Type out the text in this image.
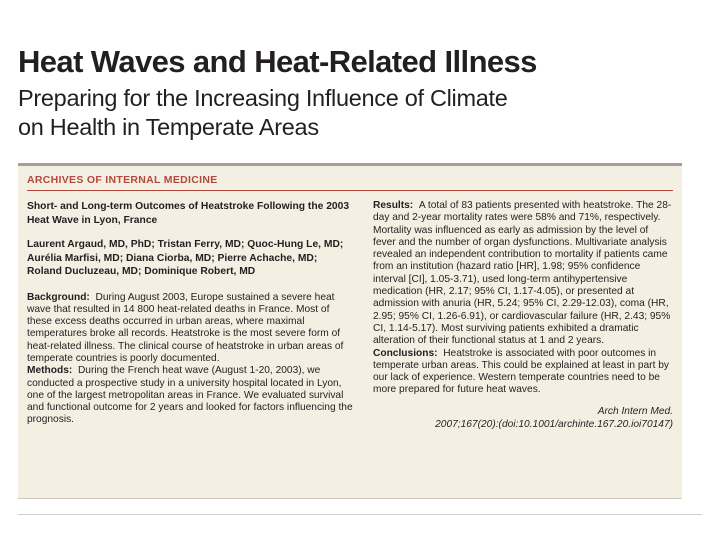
Heat Waves and Heat-Related Illness
Preparing for the Increasing Influence of Climate
on Health in Temperate Areas
ARCHIVES OF INTERNAL MEDICINE

Short- and Long-term Outcomes of Heatstroke Following the 2003 Heat Wave in Lyon, France

Laurent Argaud, MD, PhD; Tristan Ferry, MD; Quoc-Hung Le, MD; Aurélia Marfisi, MD; Diana Ciorba, MD; Pierre Achache, MD; Roland Ducluzeau, MD; Dominique Robert, MD

Background:  During August 2003, Europe sustained a severe heat wave that resulted in 14 800 heat-related deaths in France. Most of these excess deaths occurred in urban areas, where maximal temperatures broke all records. Heatstroke is the most severe form of heat-related illness. The clinical course of heatstroke in urban areas of temperate countries is poorly documented.

Methods:  During the French heat wave (August 1-20, 2003), we conducted a prospective study in a university hospital located in Lyon, one of the largest metropolitan areas in France. We evaluated survival and functional outcome for 2 years and looked for factors influencing the prognosis.

Results:  A total of 83 patients presented with heatstroke. The 28-day and 2-year mortality rates were 58% and 71%, respectively. Mortality was influenced as early as admission by the level of fever and the number of organ dysfunctions. Multivariate analysis revealed an independent contribution to mortality if patients came from an institution (hazard ratio [HR], 1.98; 95% confidence interval [CI], 1.05-3.71), used long-term antihypertensive medication (HR, 2.17; 95% CI, 1.17-4.05), or presented at admission with anuria (HR, 5.24; 95% CI, 2.29-12.03), coma (HR, 2.95; 95% CI, 1.26-6.91), or cardiovascular failure (HR, 2.43; 95% CI, 1.14-5.17). Most surviving patients exhibited a dramatic alteration of their functional status at 1 and 2 years.

Conclusions:  Heatstroke is associated with poor outcomes in temperate urban areas. This could be explained at least in part by our lack of experience. Western temperate countries need to be more prepared for future heat waves.

Arch Intern Med.
2007;167(20):(doi:10.1001/archinte.167.20.ioi70147)
